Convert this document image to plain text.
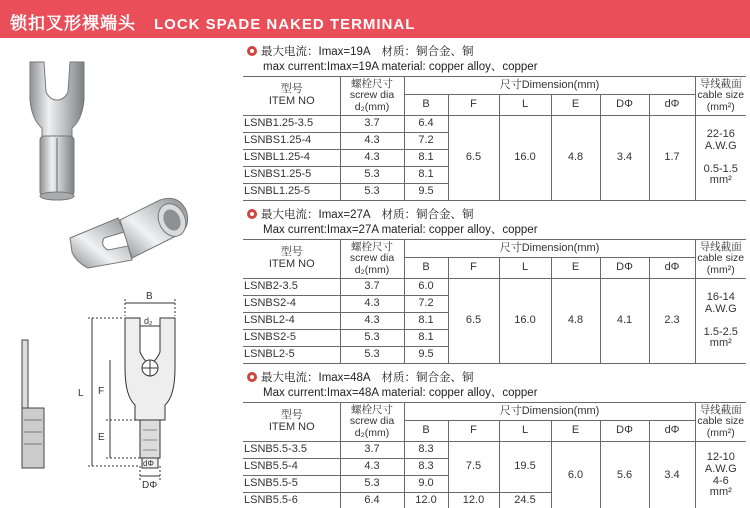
锁扣叉形裸端头 LOCK SPADE NAKED TERMINAL
B
d₂
L F
E
dΦ
DΦ
最大电流：Imax=19A　材质：铜合金、铜
max current:Imax=19A material: copper alloy、copper
型号
ITEM NO	螺栓尺寸
screw dia
d₂(mm)	尺寸Dimension(mm)						导线截面
cable size
(mm²)
		B	F	L	E	DΦ	dΦ	
LSNB1.25-3.5	3.7	6.4	6.5	16.0	4.8	3.4	1.7	22-16
A.W.G

0.5-1.5
mm²
LSNBS1.25-4	4.3	7.2						
LSNBL1.25-4	4.3	8.1						
LSNBS1.25-5	5.3	8.1						
LSNBL1.25-5	5.3	9.5						
最大电流：Imax=27A　材质：铜合金、铜
Max current:Imax=27A material: copper alloy、copper
型号
ITEM NO	螺栓尺寸
screw dia
d₂(mm)	尺寸Dimension(mm)						导线截面
cable size
(mm²)
		B	F	L	E	DΦ	dΦ	
LSNB2-3.5	3.7	6.0	6.5	16.0	4.8	4.1	2.3	16-14
A.W.G

1.5-2.5
mm²
LSNBS2-4	4.3	7.2						
LSNBL2-4	4.3	8.1						
LSNBS2-5	5.3	8.1						
LSNBL2-5	5.3	9.5						
最大电流：Imax=48A　材质：铜合金、铜
Max current:Imax=48A material: copper alloy、copper
型号
ITEM NO	螺栓尺寸
screw dia
d₂(mm)	尺寸Dimension(mm)						导线截面
cable size
(mm²)
		B	F	L	E	DΦ	dΦ	
LSNB5.5-3.5	3.7	8.3	7.5	19.5	6.0	5.6	3.4	12-10
A.W.G
4-6
mm²
LSNB5.5-4	4.3	8.3						
LSNB5.5-5	5.3	9.0						
LSNB5.5-6	6.4	12.0	12.0	24.5				
